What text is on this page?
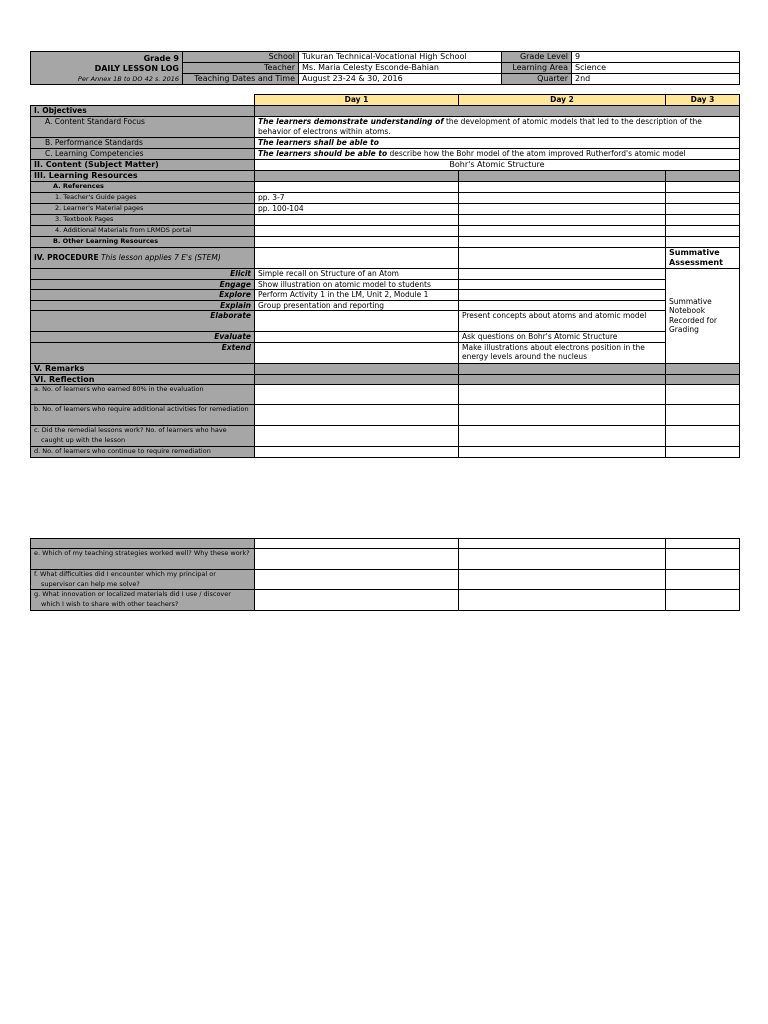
Grade 9
DAILY LESSON LOG
Per Annex 1B to DO 42 s. 2016	School	Tukuran Technical-Vocational High School	Grade Level	9
	Teacher	Ms. Maria Celesty Esconde-Bahian	Learning Area	Science
	Teaching Dates and Time	August 23-24 & 30, 2016	Quarter	2nd
	Day 1	Day 2	Day 3
I. Objectives			
A. Content Standard Focus	The learners demonstrate understanding of the development of atomic models that led to the description of the behavior of electrons within atoms.		
B. Performance Standards	The learners shall be able to		
C. Learning Competencies	The learners should be able to describe how the Bohr model of the atom improved Rutherford's atomic model		
II. Content (Subject Matter)	Bohr's Atomic Structure		
III. Learning Resources			
A. References			
1. Teacher's Guide pages	pp. 3-7		
2. Learner's Material pages	pp. 100-104		
3. Textbook Pages			
4. Additional Materials from LRMDS portal			
B. Other Learning Resources			
IV. PROCEDURE This lesson applies 7 E's (STEM)			Summative Assessment
Elicit	Simple recall on Structure of an Atom		Summative Notebook Recorded for Grading
Engage	Show illustration on atomic model to students		
Explore	Perform Activity 1 in the LM, Unit 2, Module 1		
Explain	Group presentation and reporting		
Elaborate		Present concepts about atoms and atomic model	
Evaluate		Ask questions on Bohr's Atomic Structure	
Extend		Make illustrations about electrons position in the energy levels around the nucleus	
V. Remarks			
VI. Reflection			
a. No. of learners who earned 80% in the evaluation			
b. No. of learners who require additional activities for remediation			
c. Did the remedial lessons work? No. of learners who have caught up with the lesson			
d. No. of learners who continue to require remediation			

e. Which of my teaching strategies worked well? Why these work?			
f. What difficulties did I encounter which my principal or supervisor can help me solve?			
g. What innovation or localized materials did I use / discover which I wish to share with other teachers?			
